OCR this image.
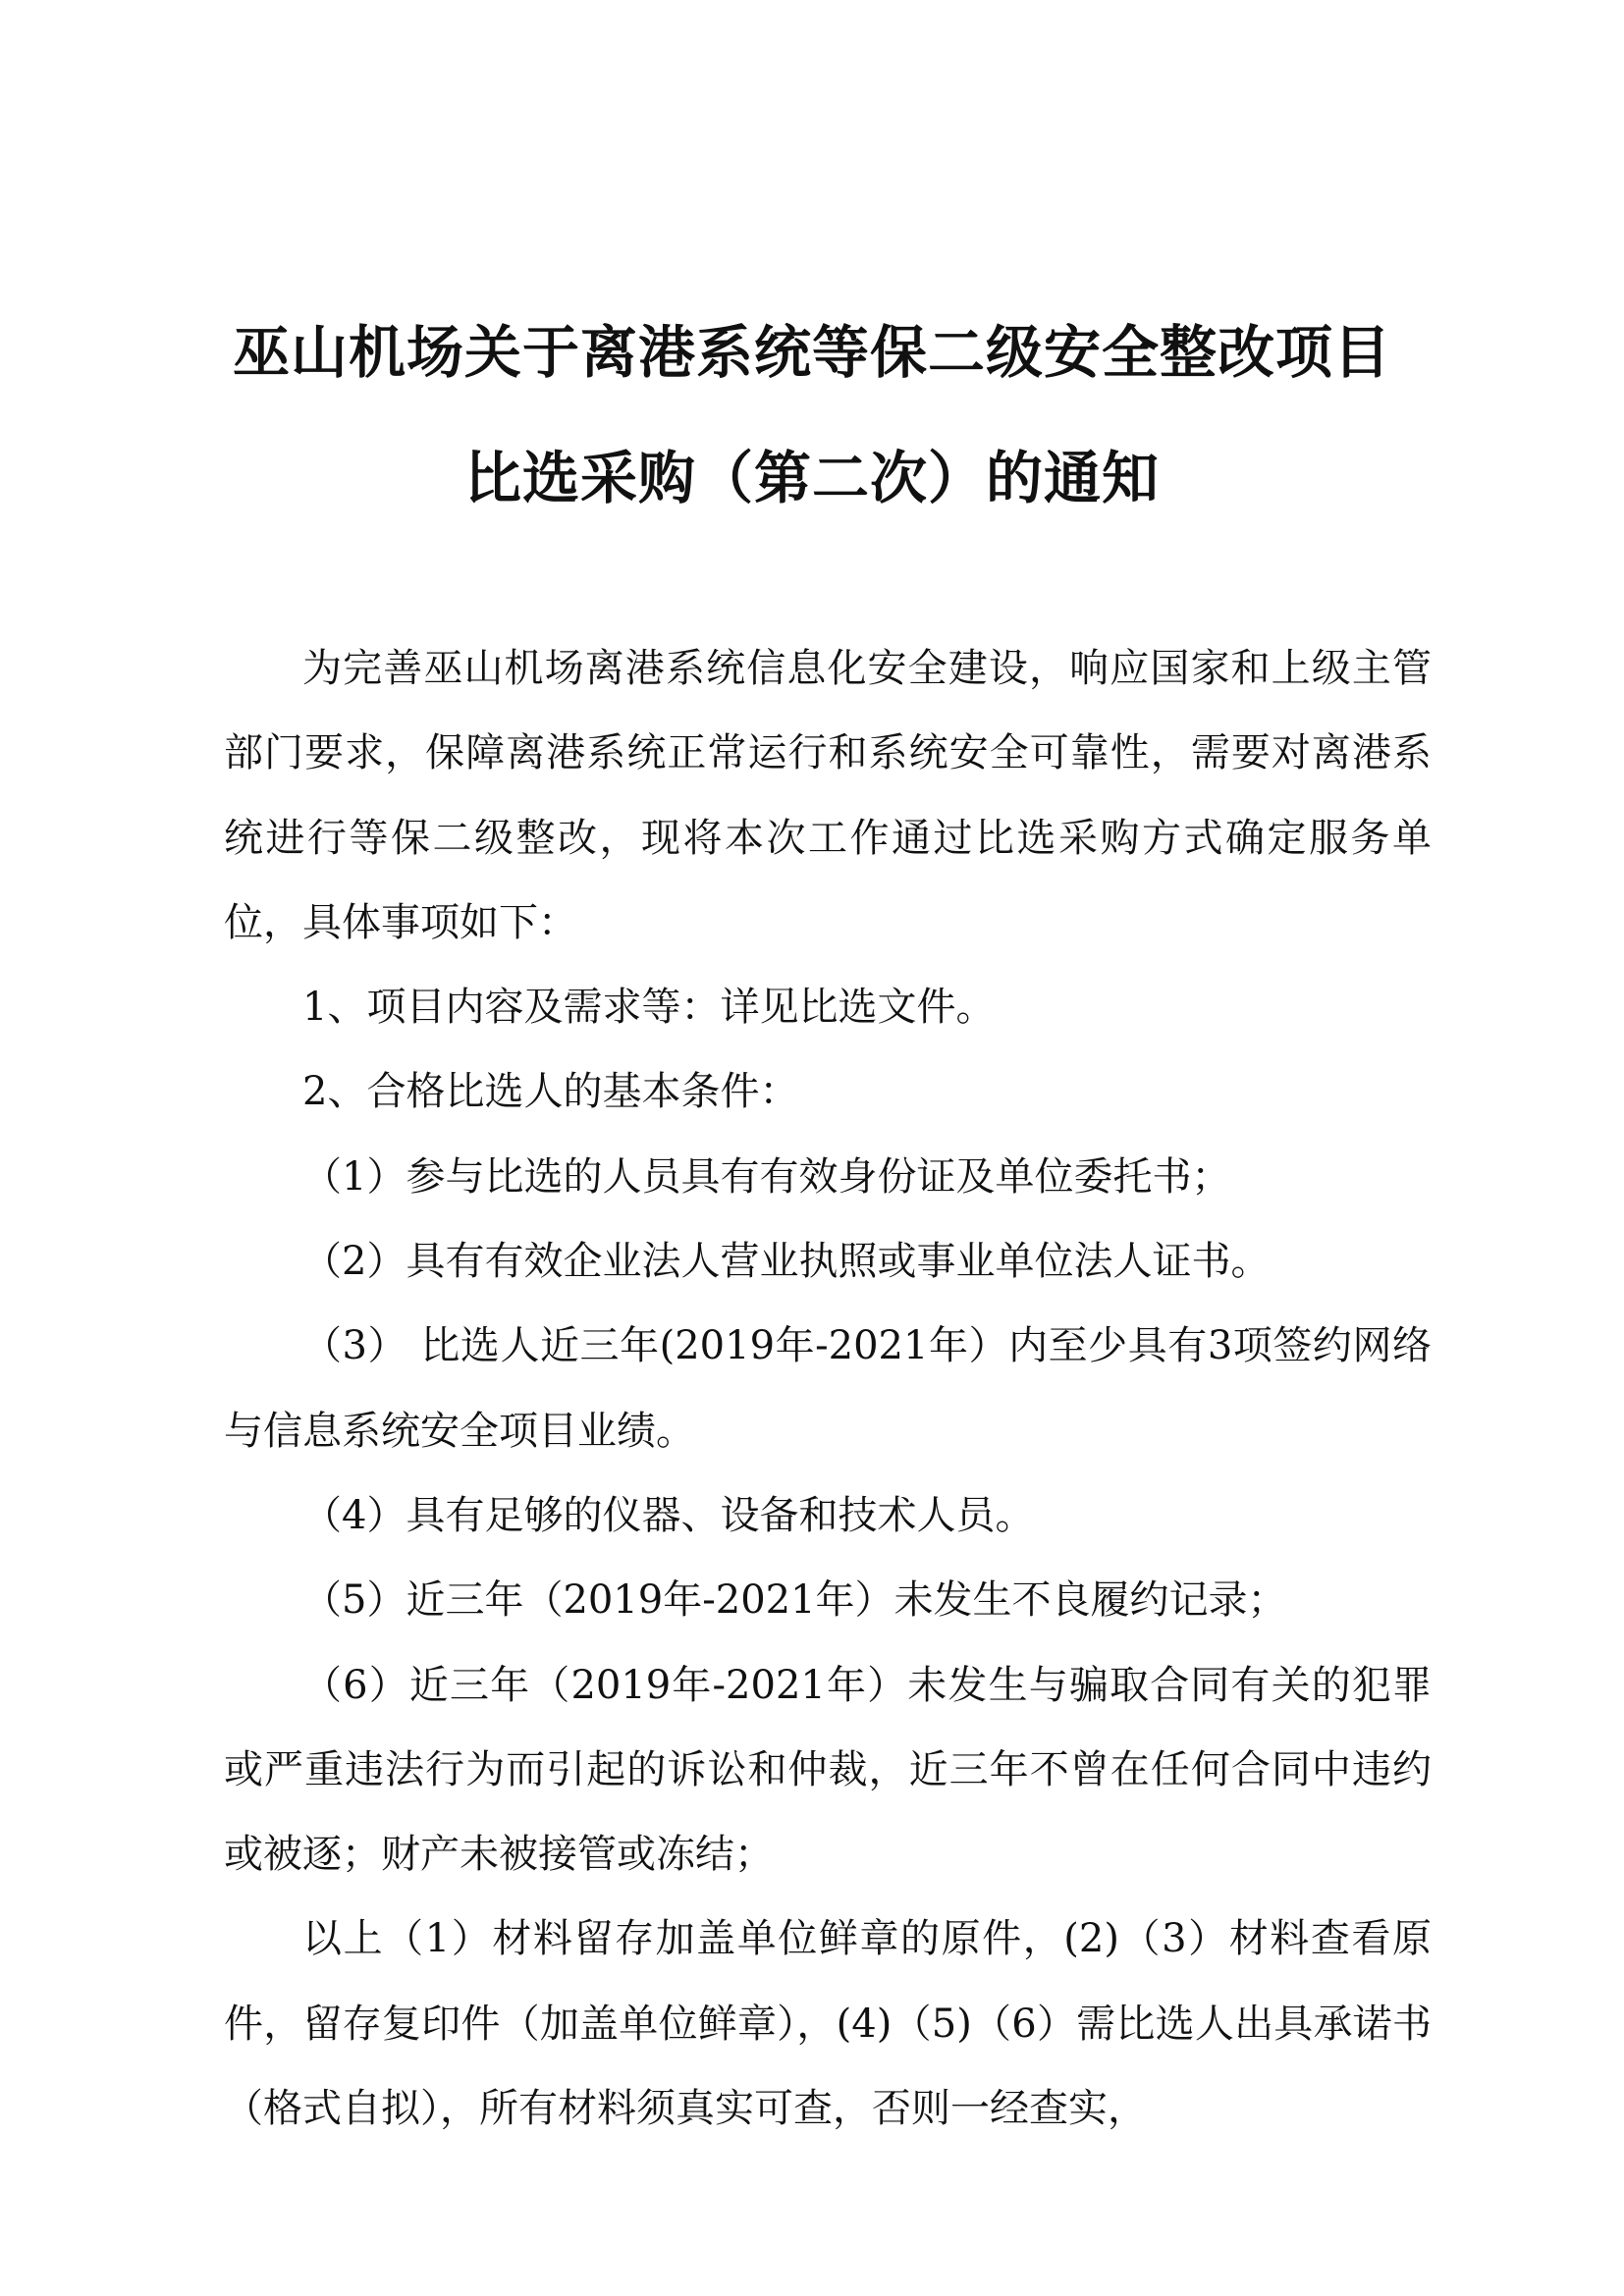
巫山机场关于离港系统等保二级安全整改项目
比选采购（第二次）的通知

为完善巫山机场离港系统信息化安全建设，响应国家和上级主管部门要求，保障离港系统正常运行和系统安全可靠性，需要对离港系统进行等保二级整改，现将本次工作通过比选采购方式确定服务单位，具体事项如下：

1、项目内容及需求等：详见比选文件。

2、合格比选人的基本条件：

（1）参与比选的人员具有有效身份证及单位委托书；

（2）具有有效企业法人营业执照或事业单位法人证书。

（3） 比选人近三年(2019年-2021年）内至少具有3项签约网络与信息系统安全项目业绩。

（4）具有足够的仪器、设备和技术人员。

（5）近三年（2019年-2021年）未发生不良履约记录；

（6）近三年（2019年-2021年）未发生与骗取合同有关的犯罪或严重违法行为而引起的诉讼和仲裁，近三年不曾在任何合同中违约或被逐；财产未被接管或冻结；

以上（1）材料留存加盖单位鲜章的原件，(2)（3）材料查看原件，留存复印件（加盖单位鲜章），(4)（5)（6）需比选人出具承诺书（格式自拟），所有材料须真实可查，否则一经查实，
